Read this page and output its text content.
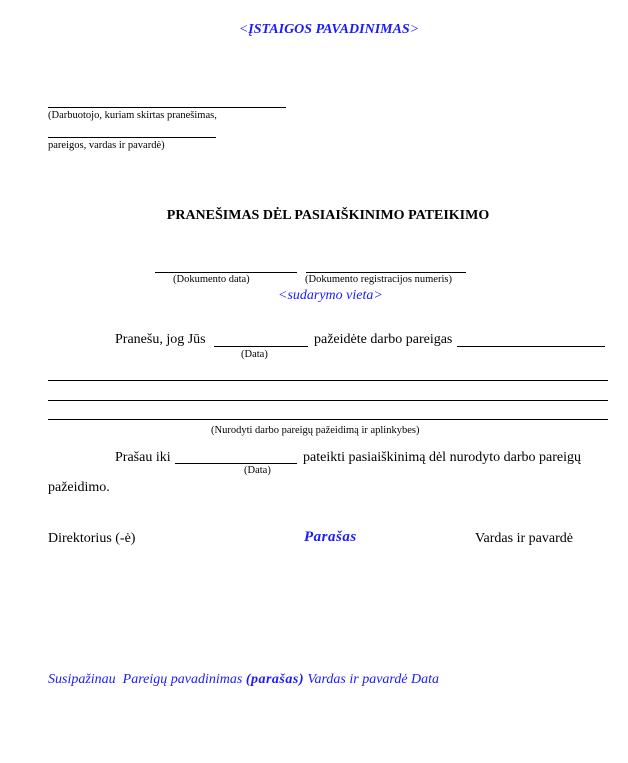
<ĮSTAIGOS PAVADINIMAS>
(Darbuotojo, kuriam skirtas pranešimas,
pareigos, vardas ir pavardė)
PRANEŠIMAS DĖL PASIAIŠKINIMO PATEIKIMO
(Dokumento data)	(Dokumento registracijos numeris)
<sudarymo vieta>
Pranešu, jog Jūs	pažeidėte darbo pareigas
(Data)
(Nurodyti darbo pareigų pažeidimą ir aplinkybes)
Prašau iki	pateikti pasiaiškinimą dėl nurodyto darbo pareigų
(Data)
pažeidimo.
Direktorius (-ė)	Parašas	Vardas ir pavardė
Susipažinau  Pareigų pavadinimas (parašas) Vardas ir pavardė Data
